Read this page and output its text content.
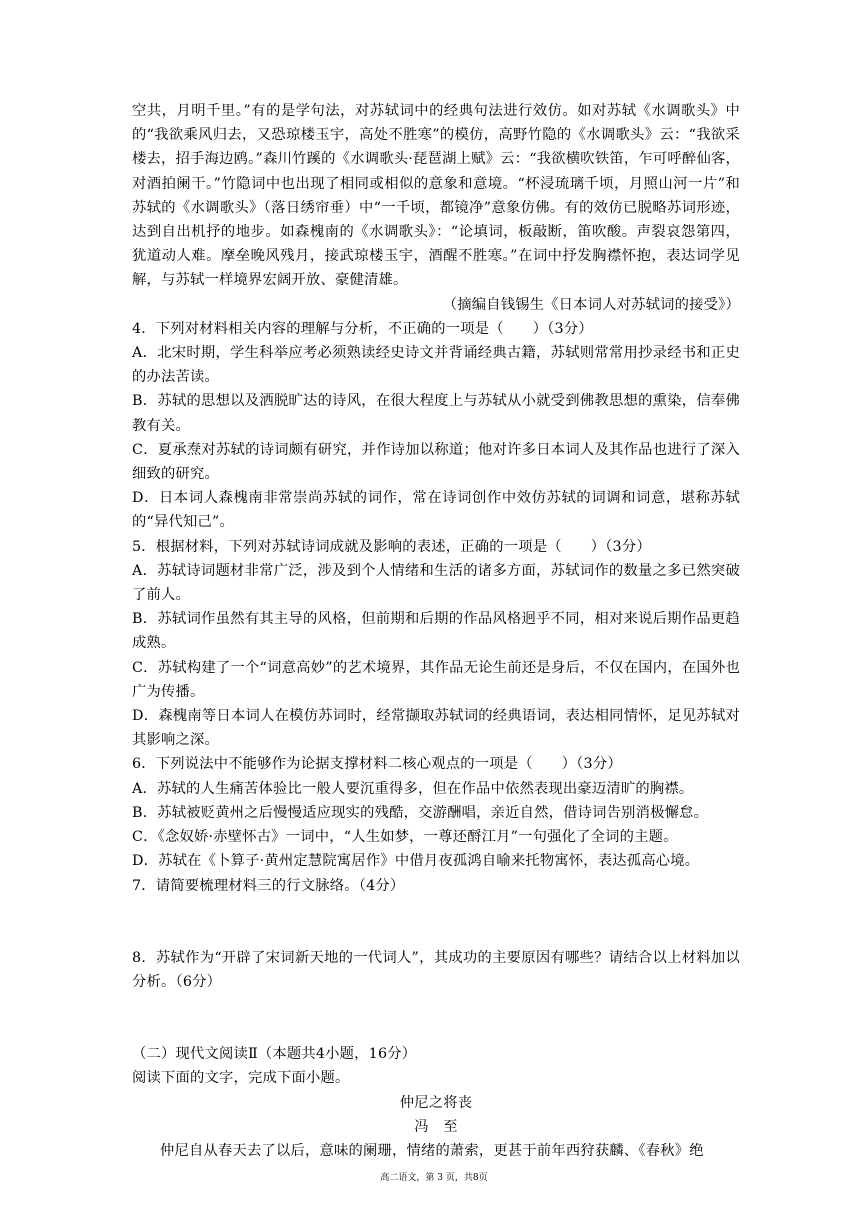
空共，月明千里。”有的是学句法，对苏轼词中的经典句法进行效仿。如对苏轼《水调歌头》中的“我欲乘风归去，又恐琼楼玉宇，高处不胜寒”的模仿，高野竹隐的《水调歌头》云：“我欲采楼去，招手海边鸥。”森川竹蹊的《水调歌头·琵琶湖上赋》云：“我欲横吹铁笛，乍可呼醉仙客，对酒拍阑干。”竹隐词中也出现了相同或相似的意象和意境。“杯浸琉璃千顷，月照山河一片”和苏轼的《水调歌头》（落日绣帘垂）中“一千顷，都镜净”意象仿佛。有的效仿已脱略苏词形迹，达到自出机抒的地步。如森槐南的《水调歌头》：“论填词，板敲断，笛吹酸。声裂哀怨第四，犹道动人难。摩垒晚风残月，接武琼楼玉宇，酒醒不胜寒。”在词中抒发胸襟怀抱，表达词学见解，与苏轼一样境界宏阔开放、豪健清雄。

（摘编自钱锡生《日本词人对苏轼词的接受》）

4．下列对材料相关内容的理解与分析，不正确的一项是（　　）（3分）

A．北宋时期，学生科举应考必须熟读经史诗文并背诵经典古籍，苏轼则常常用抄录经书和正史的办法苦读。

B．苏轼的思想以及洒脱旷达的诗风，在很大程度上与苏轼从小就受到佛教思想的熏染，信奉佛教有关。

C．夏承焘对苏轼的诗词颇有研究，并作诗加以称道；他对许多日本词人及其作品也进行了深入细致的研究。

D．日本词人森槐南非常崇尚苏轼的词作，常在诗词创作中效仿苏轼的词调和词意，堪称苏轼的“异代知己”。

5．根据材料，下列对苏轼诗词成就及影响的表述，正确的一项是（　　）（3分）

A．苏轼诗词题材非常广泛，涉及到个人情绪和生活的诸多方面，苏轼词作的数量之多已然突破了前人。

B．苏轼词作虽然有其主导的风格，但前期和后期的作品风格迥乎不同，相对来说后期作品更趋成熟。

C．苏轼构建了一个“词意高妙”的艺术境界，其作品无论生前还是身后，不仅在国内，在国外也广为传播。

D．森槐南等日本词人在模仿苏词时，经常撷取苏轼词的经典语词，表达相同情怀，足见苏轼对其影响之深。

6．下列说法中不能够作为论据支撑材料二核心观点的一项是（　　）（3分）

A．苏轼的人生痛苦体验比一般人要沉重得多，但在作品中依然表现出豪迈清旷的胸襟。

B．苏轼被贬黄州之后慢慢适应现实的残酷，交游酬唱，亲近自然，借诗词告别消极懈怠。

C．《念奴娇·赤壁怀古》一词中，“人生如梦，一尊还酹江月”一句强化了全词的主题。

D．苏轼在《卜算子·黄州定慧院寓居作》中借月夜孤鸿自喻来托物寓怀，表达孤高心境。

7．请简要梳理材料三的行文脉络。（4分）

8．苏轼作为“开辟了宋词新天地的一代词人”，其成功的主要原因有哪些？请结合以上材料加以分析。（6分）

（二）现代文阅读Ⅱ（本题共4小题，16分）

阅读下面的文字，完成下面小题。

仲尼之将丧

冯　至

仲尼自从春天去了以后，意味的阑珊，情绪的萧索，更甚于前年西狩获麟、《春秋》绝

高二语文，第 3 页，共8页
